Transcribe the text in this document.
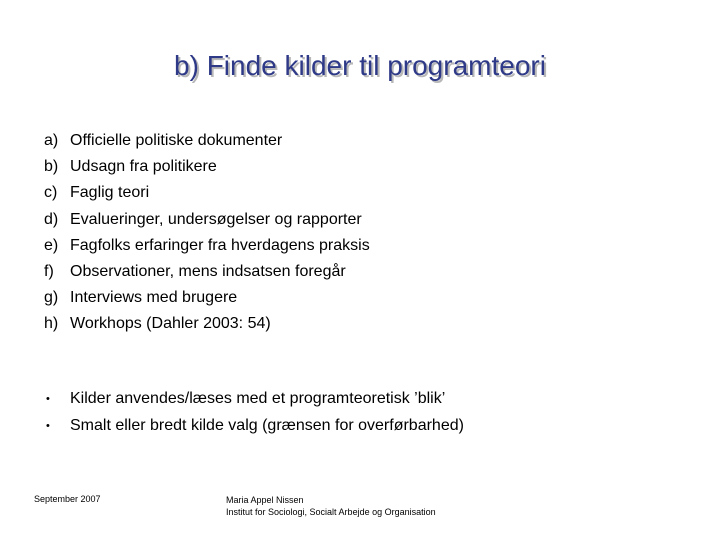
b) Finde kilder til programteori
a) Officielle politiske dokumenter
b) Udsagn fra politikere
c) Faglig teori
d) Evalueringer, undersøgelser og rapporter
e) Fagfolks erfaringer fra hverdagens praksis
f)	Observationer, mens indsatsen foregår
g) Interviews med brugere
h) Workhops (Dahler 2003: 54)
•	Kilder anvendes/læses med et programteoretisk ’blik’
•	Smalt eller bredt kilde valg (grænsen for overførbarhed)
September 2007	Maria Appel Nissen
Institut for Sociologi, Socialt Arbejde og Organisation
